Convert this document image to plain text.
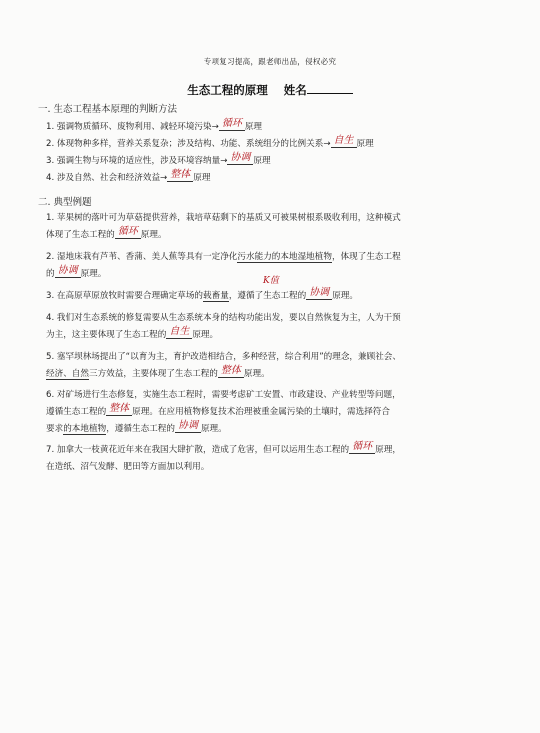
专项复习提高，跟老师出品，侵权必究
生态工程的原理 姓名
一. 生态工程基本原理的判断方法
1. 强调物质循环、废物利用、减轻环境污染→ 循环 原理
2. 体现物种多样，营养关系复杂；涉及结构、功能、系统组分的比例关系→ 自生 原理
3. 强调生物与环境的适应性，涉及环境容纳量→ 协调 原理
4. 涉及自然、社会和经济效益→ 整体 原理
二. 典型例题
1. 苹果树的落叶可为草菇提供营养，栽培草菇剩下的基质又可被果树根系吸收利用，这种模式
体现了生态工程的 循环 原理。
2. 湿地床栽有芦苇、香蒲、美人蕉等具有一定净化污水能力的本地湿地植物，体现了生态工程
的 协调 原理。
K值
3. 在高原草原放牧时需要合理确定草场的载畜量，遵循了生态工程的 协调 原理。
4. 我们对生态系统的修复需要从生态系统本身的结构功能出发，要以自然恢复为主，人为干预
为主，这主要体现了生态工程的 自生 原理。
5. 塞罕坝林场提出了“以育为主，育护改造相结合，多种经营，综合利用”的理念，兼顾社会、
经济、自然三方效益，主要体现了生态工程的 整体 原理。
6. 对矿场进行生态修复，实施生态工程时，需要考虑矿工安置、市政建设、产业转型等问题，
遵循生态工程的 整体 原理。在应用植物修复技术治理被重金属污染的土壤时，需选择符合
要求的本地植物，遵循生态工程的 协调 原理。
7. 加拿大一枝黄花近年来在我国大肆扩散，造成了危害，但可以运用生态工程的 循环 原理，
在造纸、沼气发酵、肥田等方面加以利用。
